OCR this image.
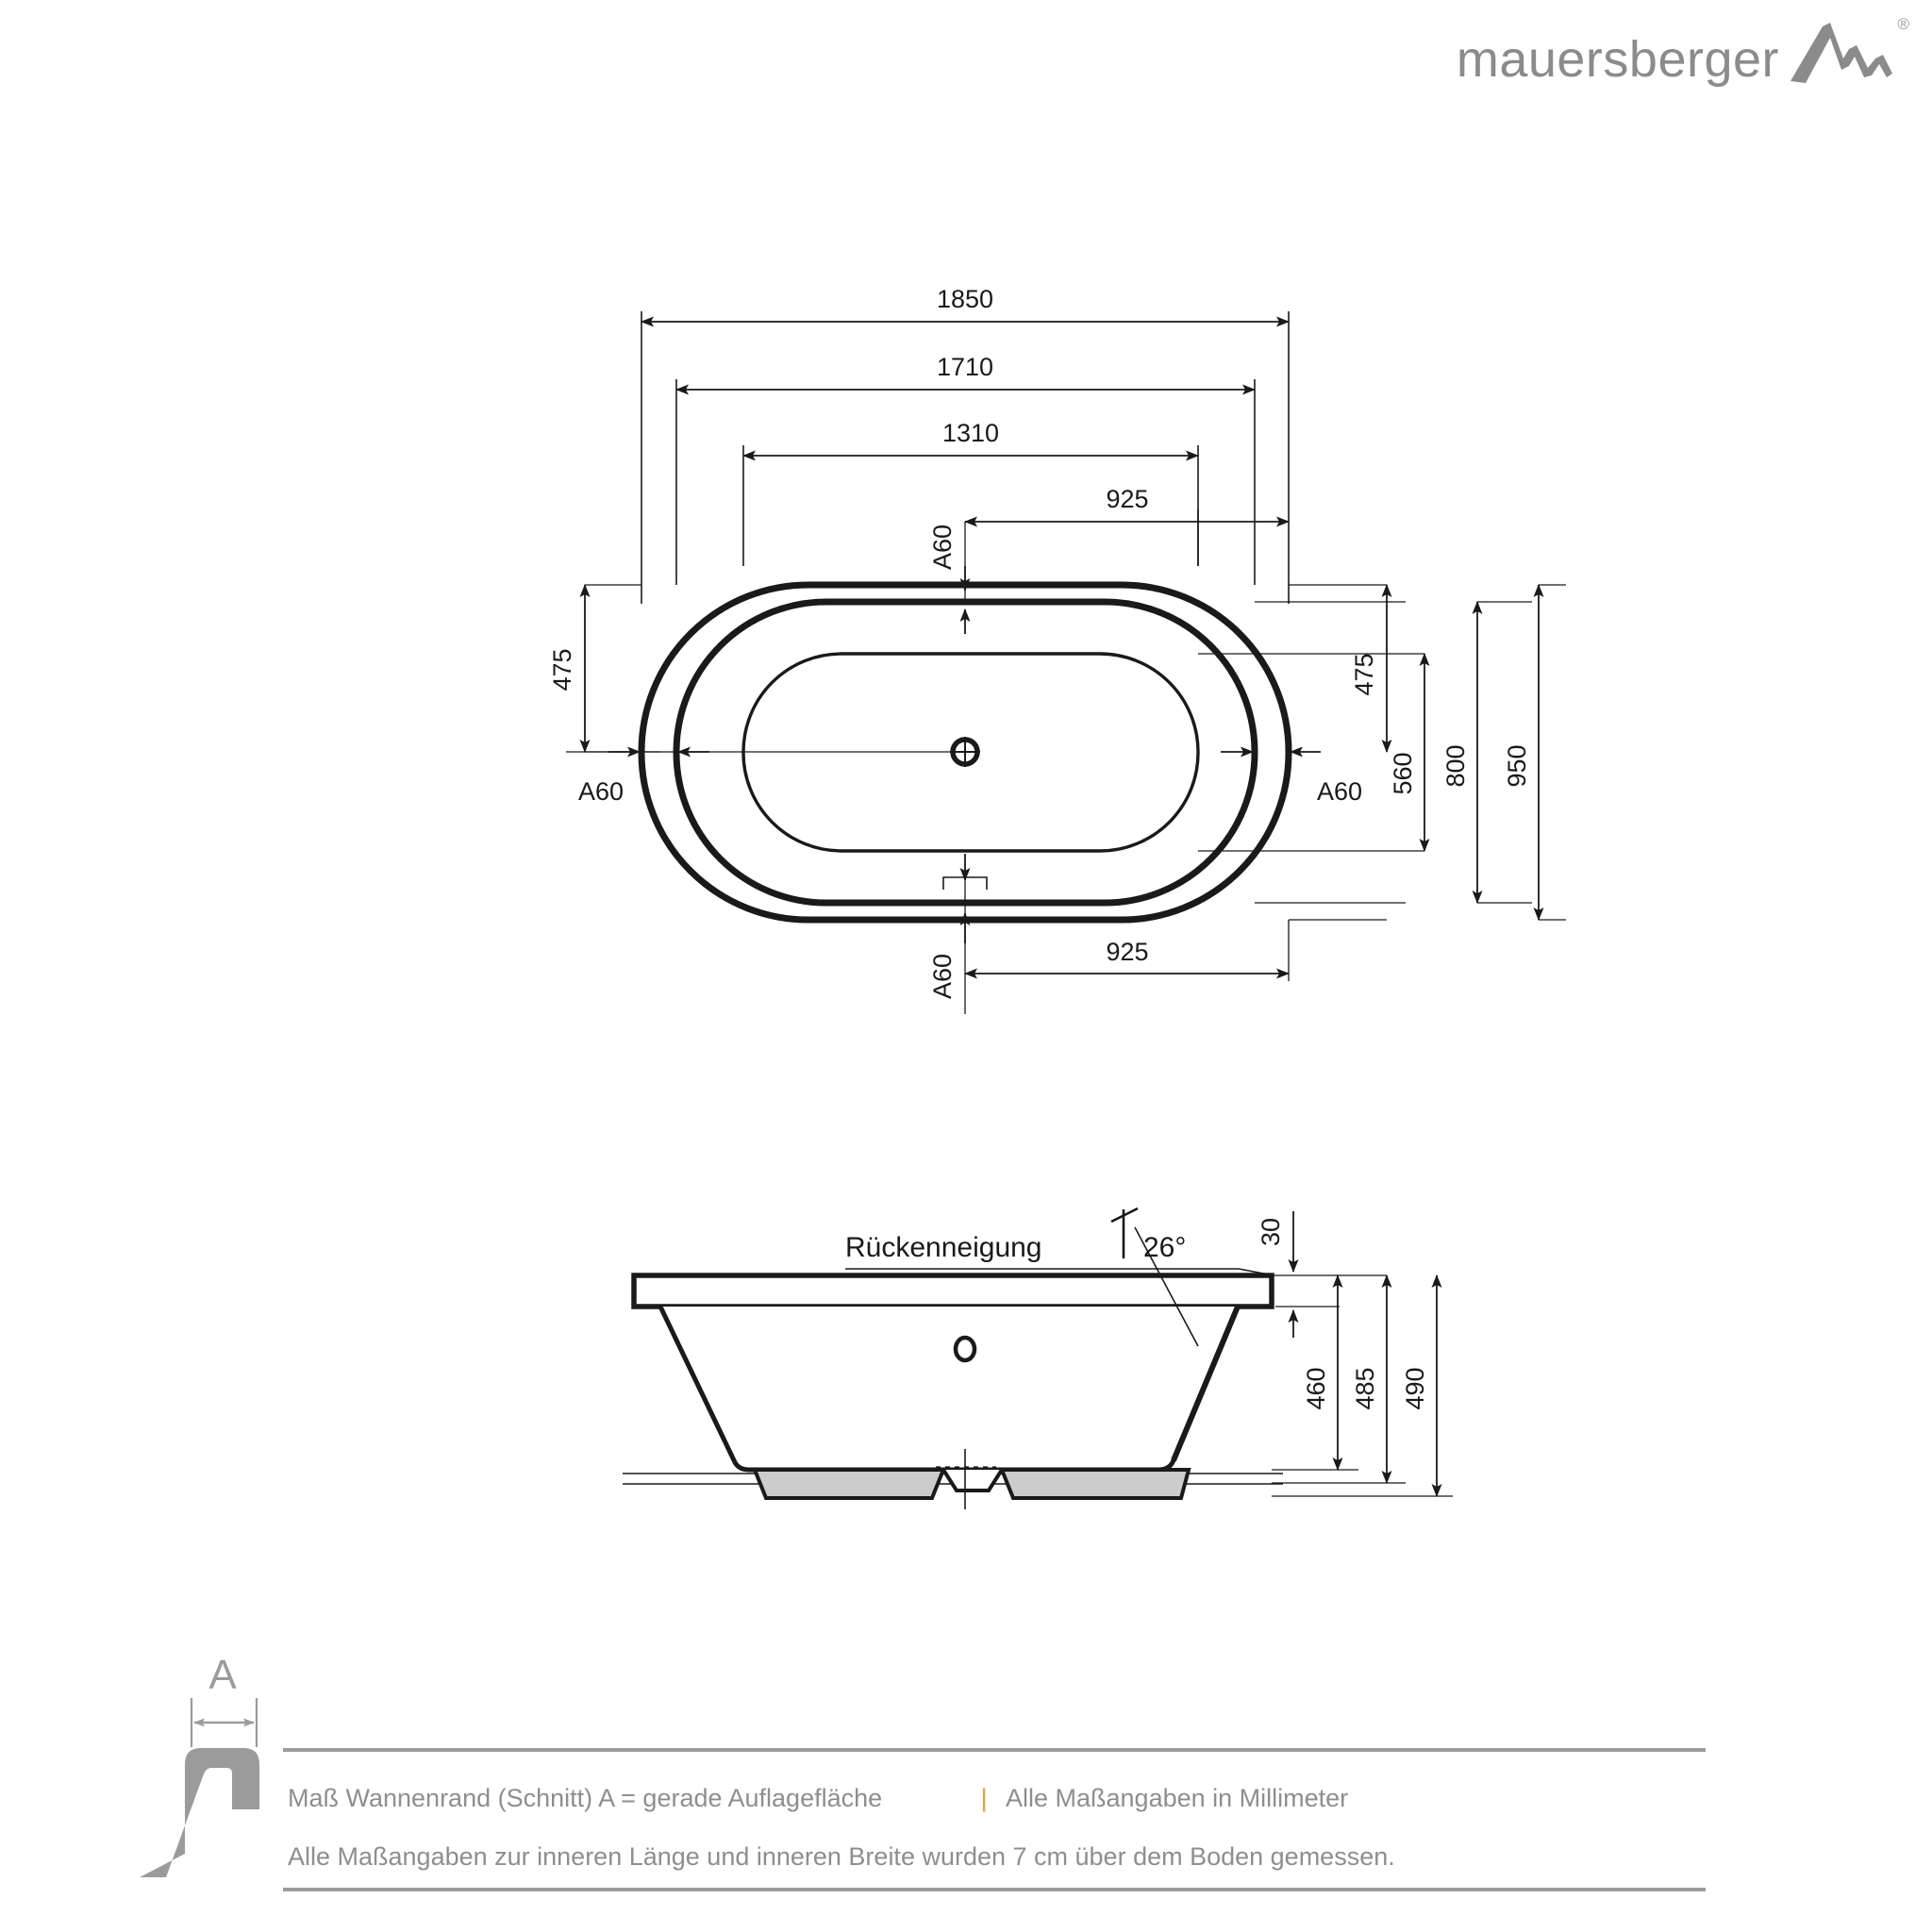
mauersberger
®
1850
1710
1310
925
475	475
560 800 950
925
A60
A60	A60
A60
Rückenneigung	26°	30
460 485 490
A
Maß Wannenrand (Schnitt) A = gerade Auflagefläche	| Alle Maßangaben in Millimeter
Alle Maßangaben zur inneren Länge und inneren Breite wurden 7 cm über dem Boden gemessen.
